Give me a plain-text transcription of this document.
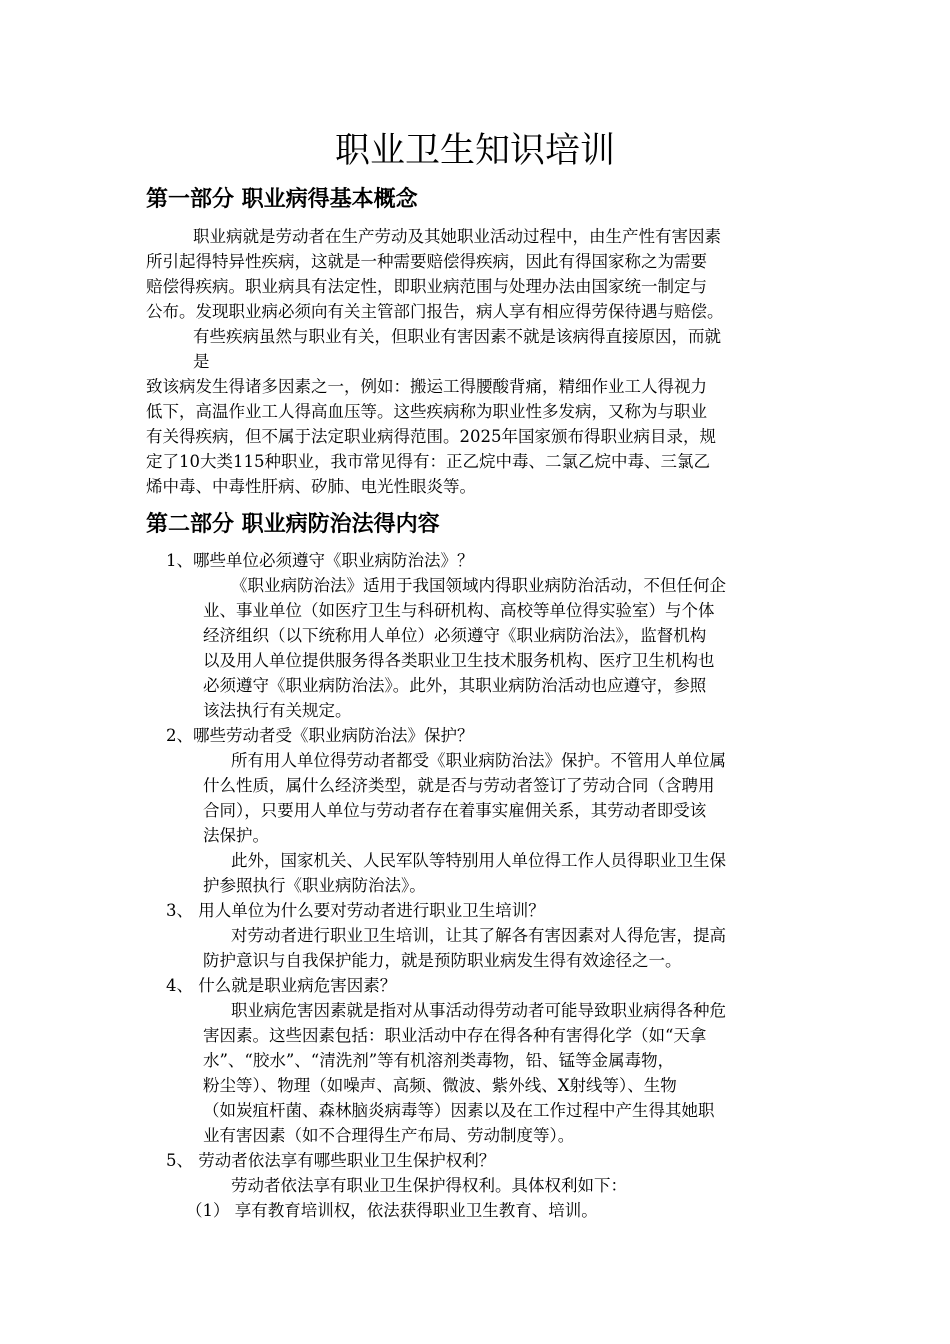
职业卫生知识培训
第一部分 职业病得基本概念
职业病就是劳动者在生产劳动及其她职业活动过程中，由生产性有害因素
所引起得特异性疾病，这就是一种需要赔偿得疾病，因此有得国家称之为需要
赔偿得疾病。职业病具有法定性，即职业病范围与处理办法由国家统一制定与
公布。发现职业病必须向有关主管部门报告，病人享有相应得劳保待遇与赔偿。
有些疾病虽然与职业有关，但职业有害因素不就是该病得直接原因，而就
是
致该病发生得诸多因素之一，例如：搬运工得腰酸背痛，精细作业工人得视力
低下，高温作业工人得高血压等。这些疾病称为职业性多发病，又称为与职业
有关得疾病，但不属于法定职业病得范围。2025年国家颁布得职业病目录，规
定了10大类115种职业，我市常见得有：正乙烷中毒、二氯乙烷中毒、三氯乙
烯中毒、中毒性肝病、矽肺、电光性眼炎等。
第二部分 职业病防治法得内容
1、哪些单位必须遵守《职业病防治法》？
《职业病防治法》适用于我国领域内得职业病防治活动，不但任何企
业、事业单位（如医疗卫生与科研机构、高校等单位得实验室）与个体
经济组织（以下统称用人单位）必须遵守《职业病防治法》，监督机构
以及用人单位提供服务得各类职业卫生技术服务机构、医疗卫生机构也
必须遵守《职业病防治法》。此外，其职业病防治活动也应遵守，参照
该法执行有关规定。
2、哪些劳动者受《职业病防治法》保护？
所有用人单位得劳动者都受《职业病防治法》保护。不管用人单位属
什么性质，属什么经济类型，就是否与劳动者签订了劳动合同（含聘用
合同），只要用人单位与劳动者存在着事实雇佣关系，其劳动者即受该
法保护。
此外，国家机关、人民军队等特别用人单位得工作人员得职业卫生保
护参照执行《职业病防治法》。
3、 用人单位为什么要对劳动者进行职业卫生培训？
对劳动者进行职业卫生培训，让其了解各有害因素对人得危害，提高
防护意识与自我保护能力，就是预防职业病发生得有效途径之一。
4、 什么就是职业病危害因素？
职业病危害因素就是指对从事活动得劳动者可能导致职业病得各种危
害因素。这些因素包括：职业活动中存在得各种有害得化学（如“天拿
水”、“胶水”、“清洗剂”等有机溶剂类毒物，铅、锰等金属毒物，
粉尘等）、物理（如噪声、高频、微波、紫外线、X射线等）、生物
（如炭疽杆菌、森林脑炎病毒等）因素以及在工作过程中产生得其她职
业有害因素（如不合理得生产布局、劳动制度等）。
5、 劳动者依法享有哪些职业卫生保护权利？
劳动者依法享有职业卫生保护得权利。具体权利如下：
（1） 享有教育培训权，依法获得职业卫生教育、培训。
